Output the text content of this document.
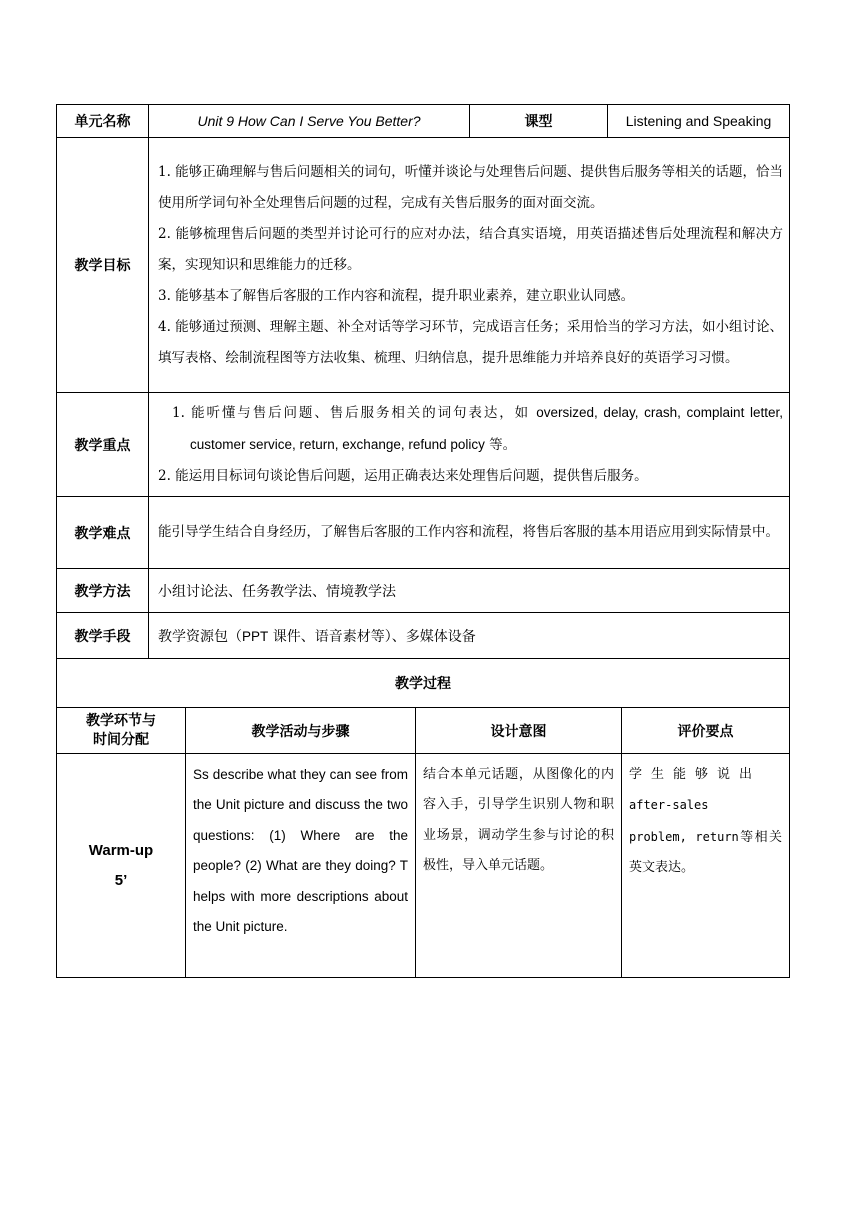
单元名称	Unit 9 How Can I Serve You Better?	课型	Listening and Speaking
教学目标	1. 能够正确理解与售后问题相关的词句，听懂并谈论与处理售后问题、提供售后服务等相关的话题，恰当使用所学词句补全处理售后问题的过程，完成有关售后服务的面对面交流。

2. 能够梳理售后问题的类型并讨论可行的应对办法，结合真实语境，用英语描述售后处理流程和解决方案，实现知识和思维能力的迁移。

3. 能够基本了解售后客服的工作内容和流程，提升职业素养，建立职业认同感。

4. 能够通过预测、理解主题、补全对话等学习环节，完成语言任务；采用恰当的学习方法，如小组讨论、填写表格、绘制流程图等方法收集、梳理、归纳信息，提升思维能力并培养良好的英语学习习惯。		

教学重点	1. 能听懂与售后问题、售后服务相关的词句表达，如 oversized, delay, crash, complaint letter, customer service, return, exchange, refund policy 等。

2. 能运用目标词句谈论售后问题，运用正确表达来处理售后问题，提供售后服务。		

教学难点	能引导学生结合自身经历，了解售后客服的工作内容和流程，将售后客服的基本用语应用到实际情景中。		
教学方法	小组讨论法、任务教学法、情境教学法		
教学手段	教学资源包（PPT 课件、语音素材等）、多媒体设备		
教学过程			
教学环节与
时间分配	教学活动与步骤	设计意图	评价要点
Warm-up
5’	Ss describe what they can see from the Unit picture and discuss the two questions: (1) Where are the people? (2) What are they doing? T helps with more descriptions about the Unit picture.	结合本单元话题，从图像化的内容入手，引导学生识别人物和职业场景，调动学生参与讨论的积极性，导入单元话题。	学生能够说出
after-sales
problem, return等相关英文表达。
